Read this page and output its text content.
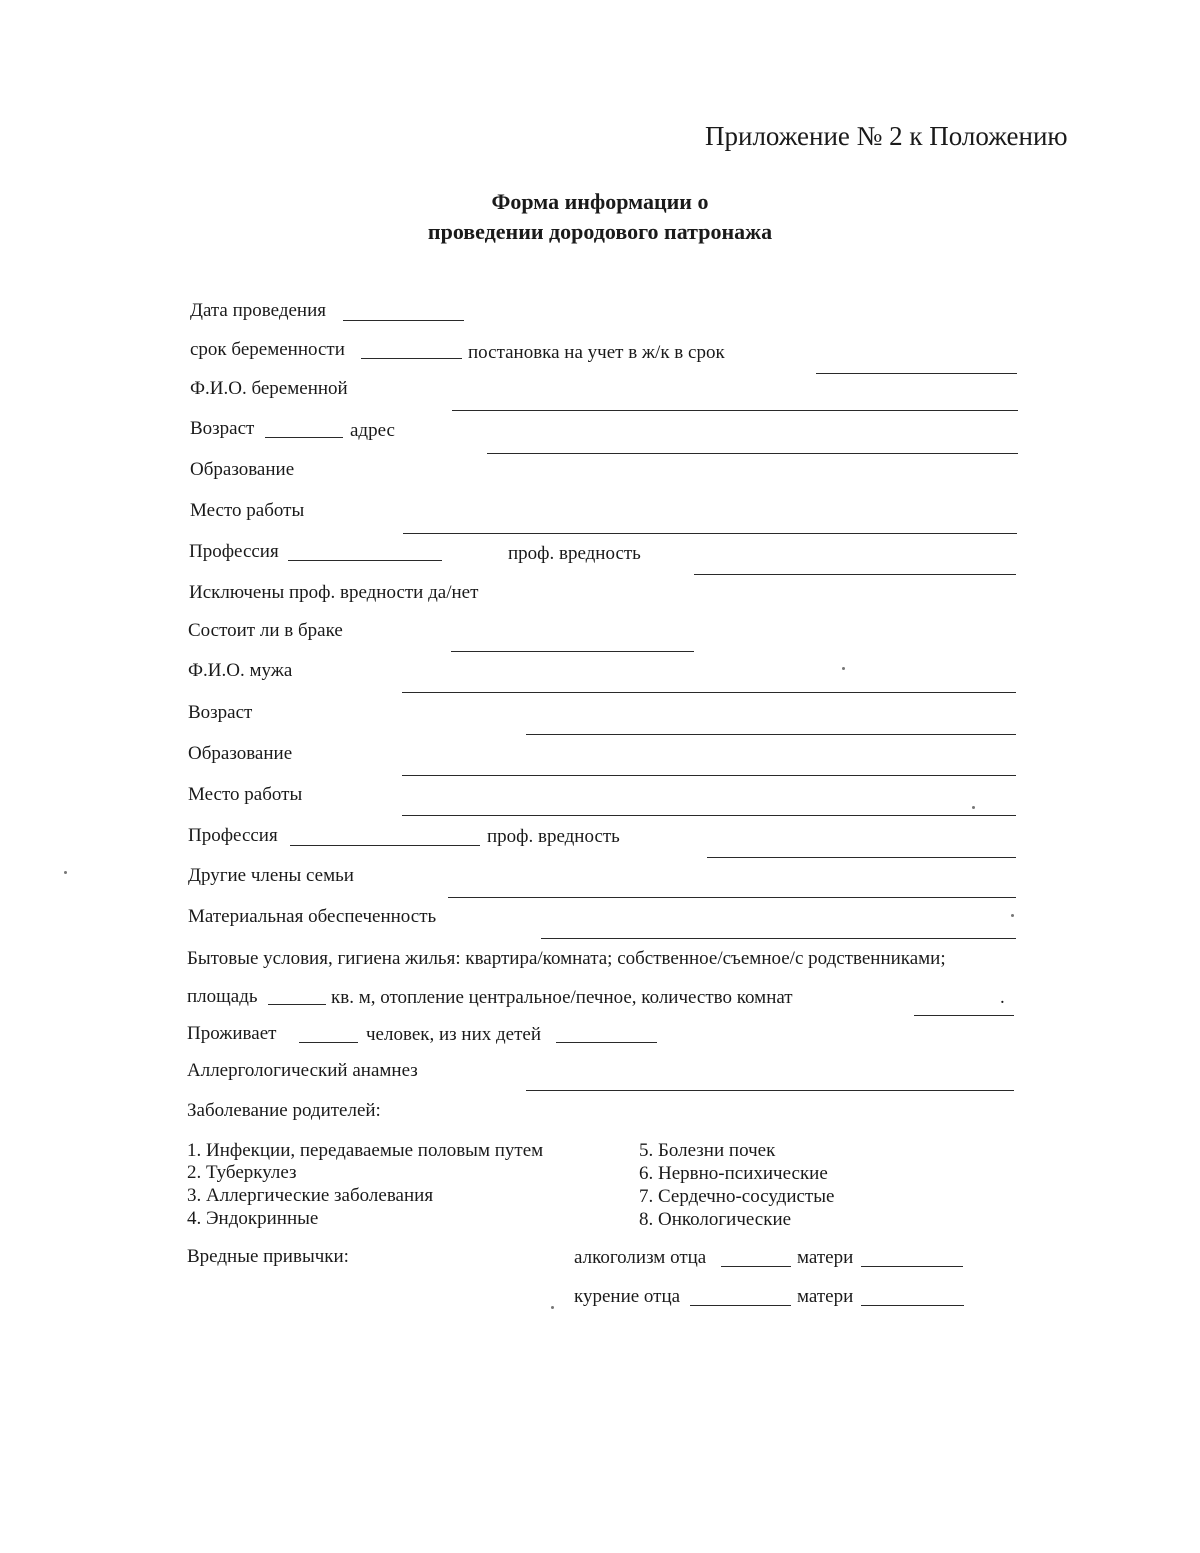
Приложение № 2 к Положению
Форма информации о
проведении дородового патронажа
Дата проведения
срок беременности	постановка на учет в ж/к в срок
Ф.И.О. беременной
Возраст	адрес
Образование
Место работы
Профессия	проф. вредность
Исключены проф. вредности да/нет
Состоит ли в браке
Ф.И.О. мужа
Возраст
Образование
Место работы
Профессия	проф. вредность
Другие члены семьи
Материальная обеспеченность
Бытовые условия, гигиена жилья: квартира/комната; собственное/съемное/с родственниками;
площадь	кв. м, отопление центральное/печное, количество комнат	.
Проживает	человек, из них детей
Аллергологический анамнез
Заболевание родителей:
1. Инфекции, передаваемые половым путем
2. Туберкулез
3. Аллергические заболевания
4. Эндокринные
5. Болезни почек
6. Нервно-психические
7. Сердечно-сосудистые
8. Онкологические
Вредные привычки:	алкоголизм отца	матери
курение отца	матери
